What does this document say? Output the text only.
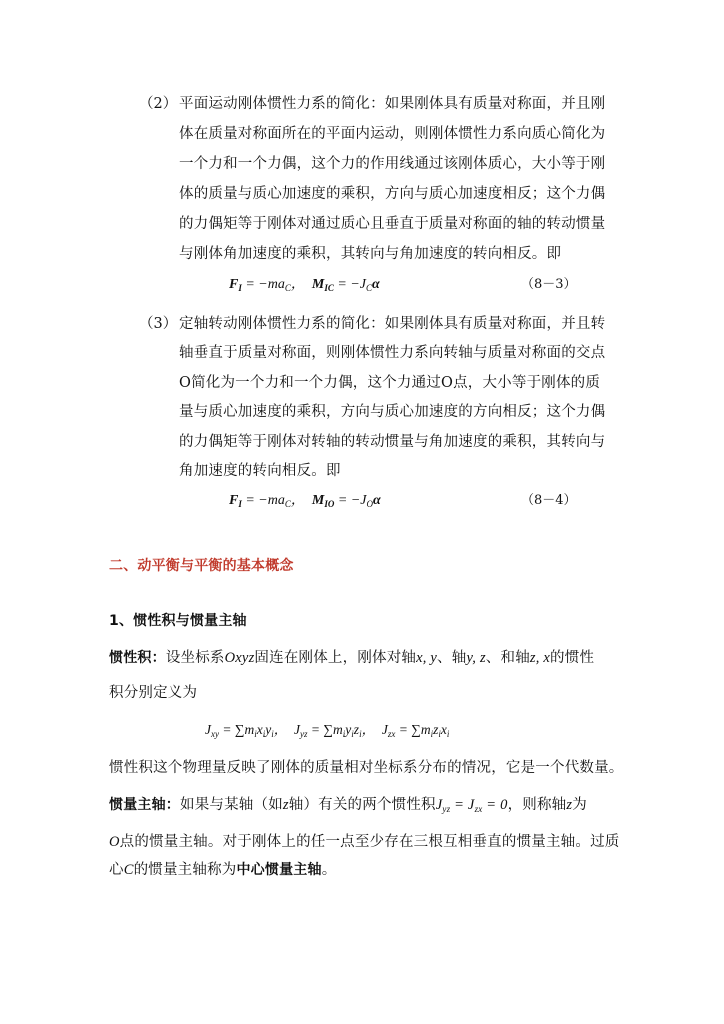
（2） 平面运动刚体惯性力系的简化：如果刚体具有质量对称面，并且刚
体在质量对称面所在的平面内运动，则刚体惯性力系向质心简化为
一个力和一个力偶，这个力的作用线通过该刚体质心，大小等于刚
体的质量与质心加速度的乘积，方向与质心加速度相反；这个力偶
的力偶矩等于刚体对通过质心且垂直于质量对称面的轴的转动惯量
与刚体角加速度的乘积，其转向与角加速度的转向相反。即
$F_I = -ma_C$，  $M_{IC} = -J_C\alpha$	（8－3）
（3） 定轴转动刚体惯性力系的简化：如果刚体具有质量对称面，并且转
轴垂直于质量对称面，则刚体惯性力系向转轴与质量对称面的交点
O简化为一个力和一个力偶，这个力通过O点，大小等于刚体的质
量与质心加速度的乘积，方向与质心加速度的方向相反；这个力偶
的力偶矩等于刚体对转轴的转动惯量与角加速度的乘积，其转向与
角加速度的转向相反。即
$F_I = -ma_C$，  $M_{IO} = -J_O\alpha$	（8－4）
二、动平衡与平衡的基本概念
1、惯性积与惯量主轴
惯性积：设坐标系Oxyz固连在刚体上，刚体对轴x, y、轴y, z、和轴z, x的惯性
积分别定义为
$J_{xy} = \sum m_ix_iy_i$，  $J_{yz} = \sum m_iy_iz_i$，  $J_{zx} = \sum m_iz_ix_i$
惯性积这个物理量反映了刚体的质量相对坐标系分布的情况，它是一个代数量。
惯量主轴：如果与某轴（如z轴）有关的两个惯性积$J_{yz} = J_{zx} = 0$，则称轴z为
O点的惯量主轴。对于刚体上的任一点至少存在三根互相垂直的惯量主轴。过质
心C的惯量主轴称为中心惯量主轴。
